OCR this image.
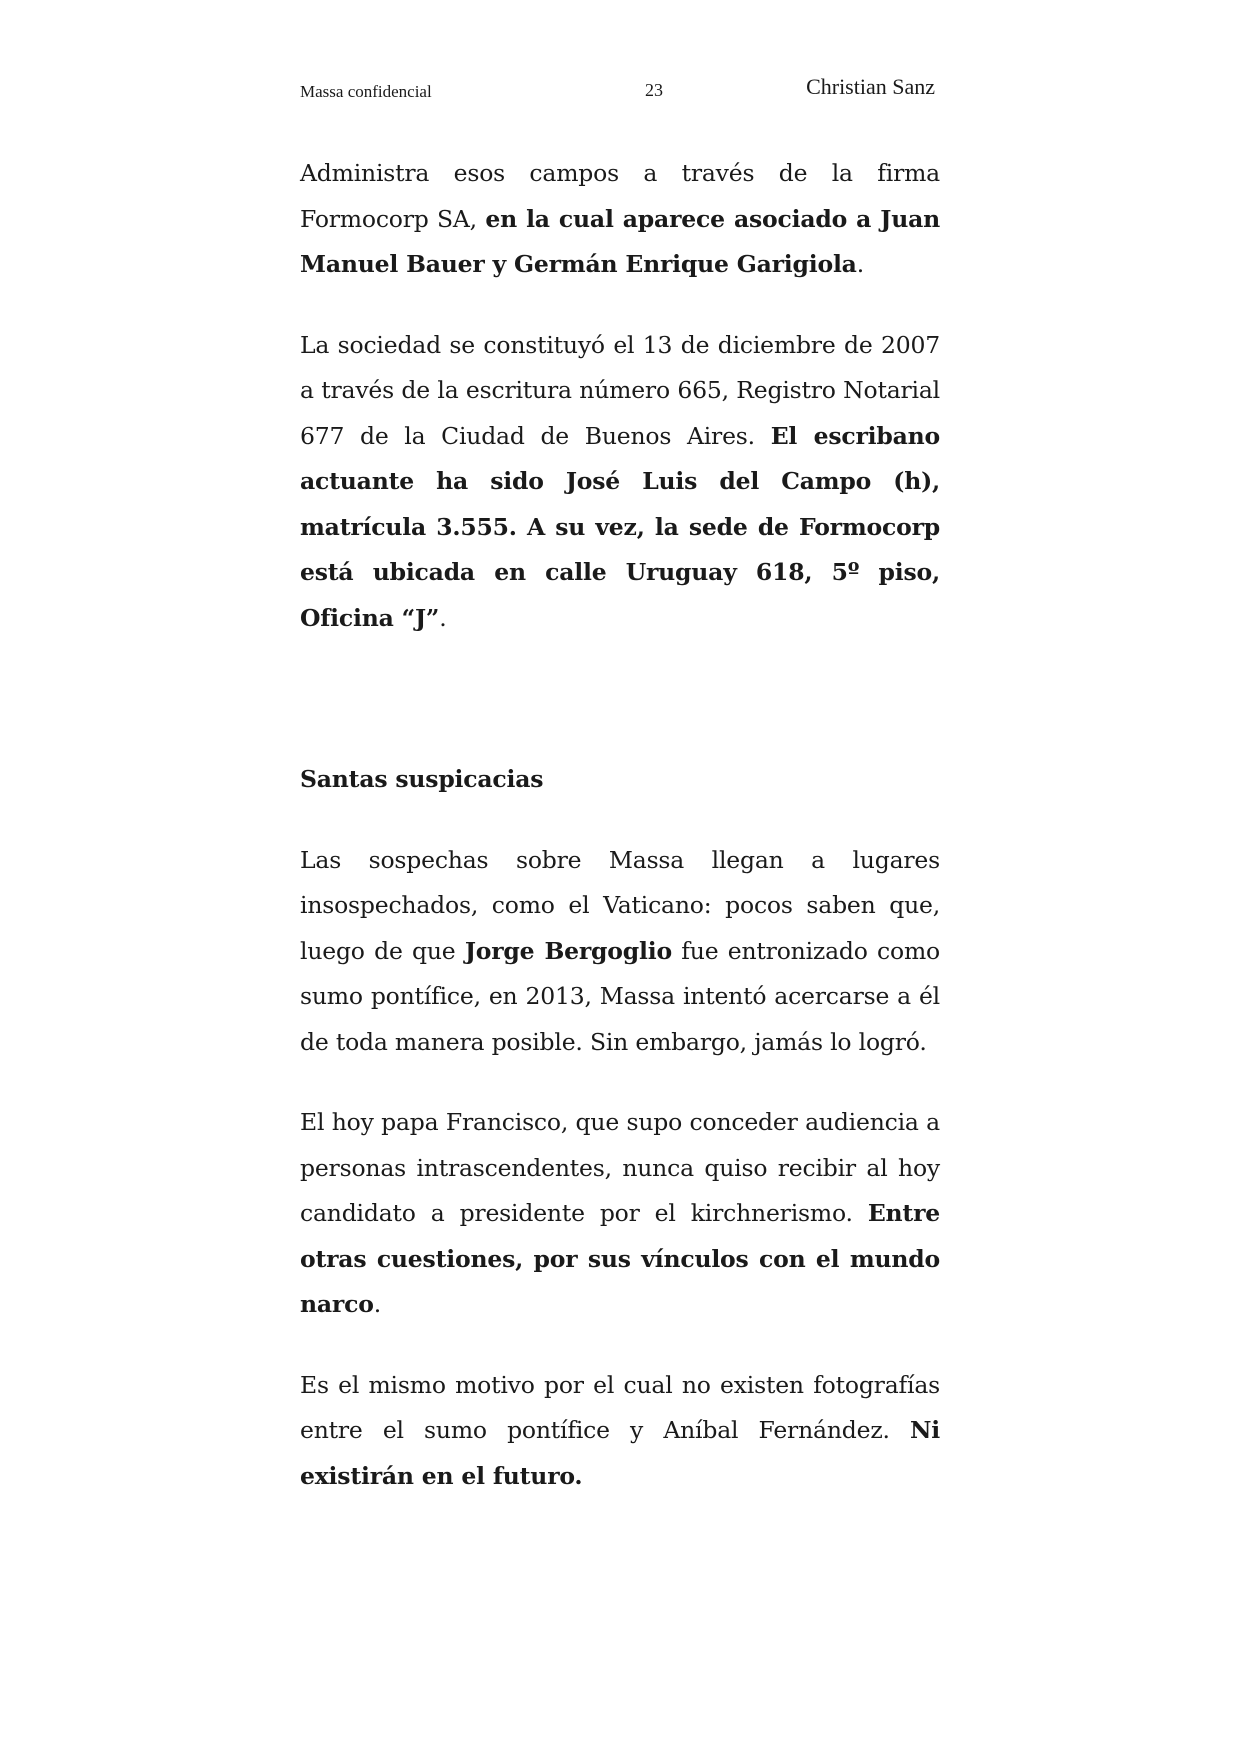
Massa confidencial	23	Christian Sanz

Administra esos campos a través de la firma Formocorp SA, en la cual aparece asociado a Juan Manuel Bauer y Germán Enrique Garigiola.

La sociedad se constituyó el 13 de diciembre de 2007 a través de la escritura número 665, Registro Notarial 677 de la Ciudad de Buenos Aires. El escribano actuante ha sido José Luis del Campo (h), matrícula 3.555. A su vez, la sede de Formocorp está ubicada en calle Uruguay 618, 5º piso, Oficina “J”.

Santas suspicacias

Las sospechas sobre Massa llegan a lugares insospechados, como el Vaticano: pocos saben que, luego de que Jorge Bergoglio fue entronizado como sumo pontífice, en 2013, Massa intentó acercarse a él de toda manera posible. Sin embargo, jamás lo logró.

El hoy papa Francisco, que supo conceder audiencia a personas intrascendentes, nunca quiso recibir al hoy candidato a presidente por el kirchnerismo. Entre otras cuestiones, por sus vínculos con el mundo narco.

Es el mismo motivo por el cual no existen fotografías entre el sumo pontífice y Aníbal Fernández. Ni existirán en el futuro.
